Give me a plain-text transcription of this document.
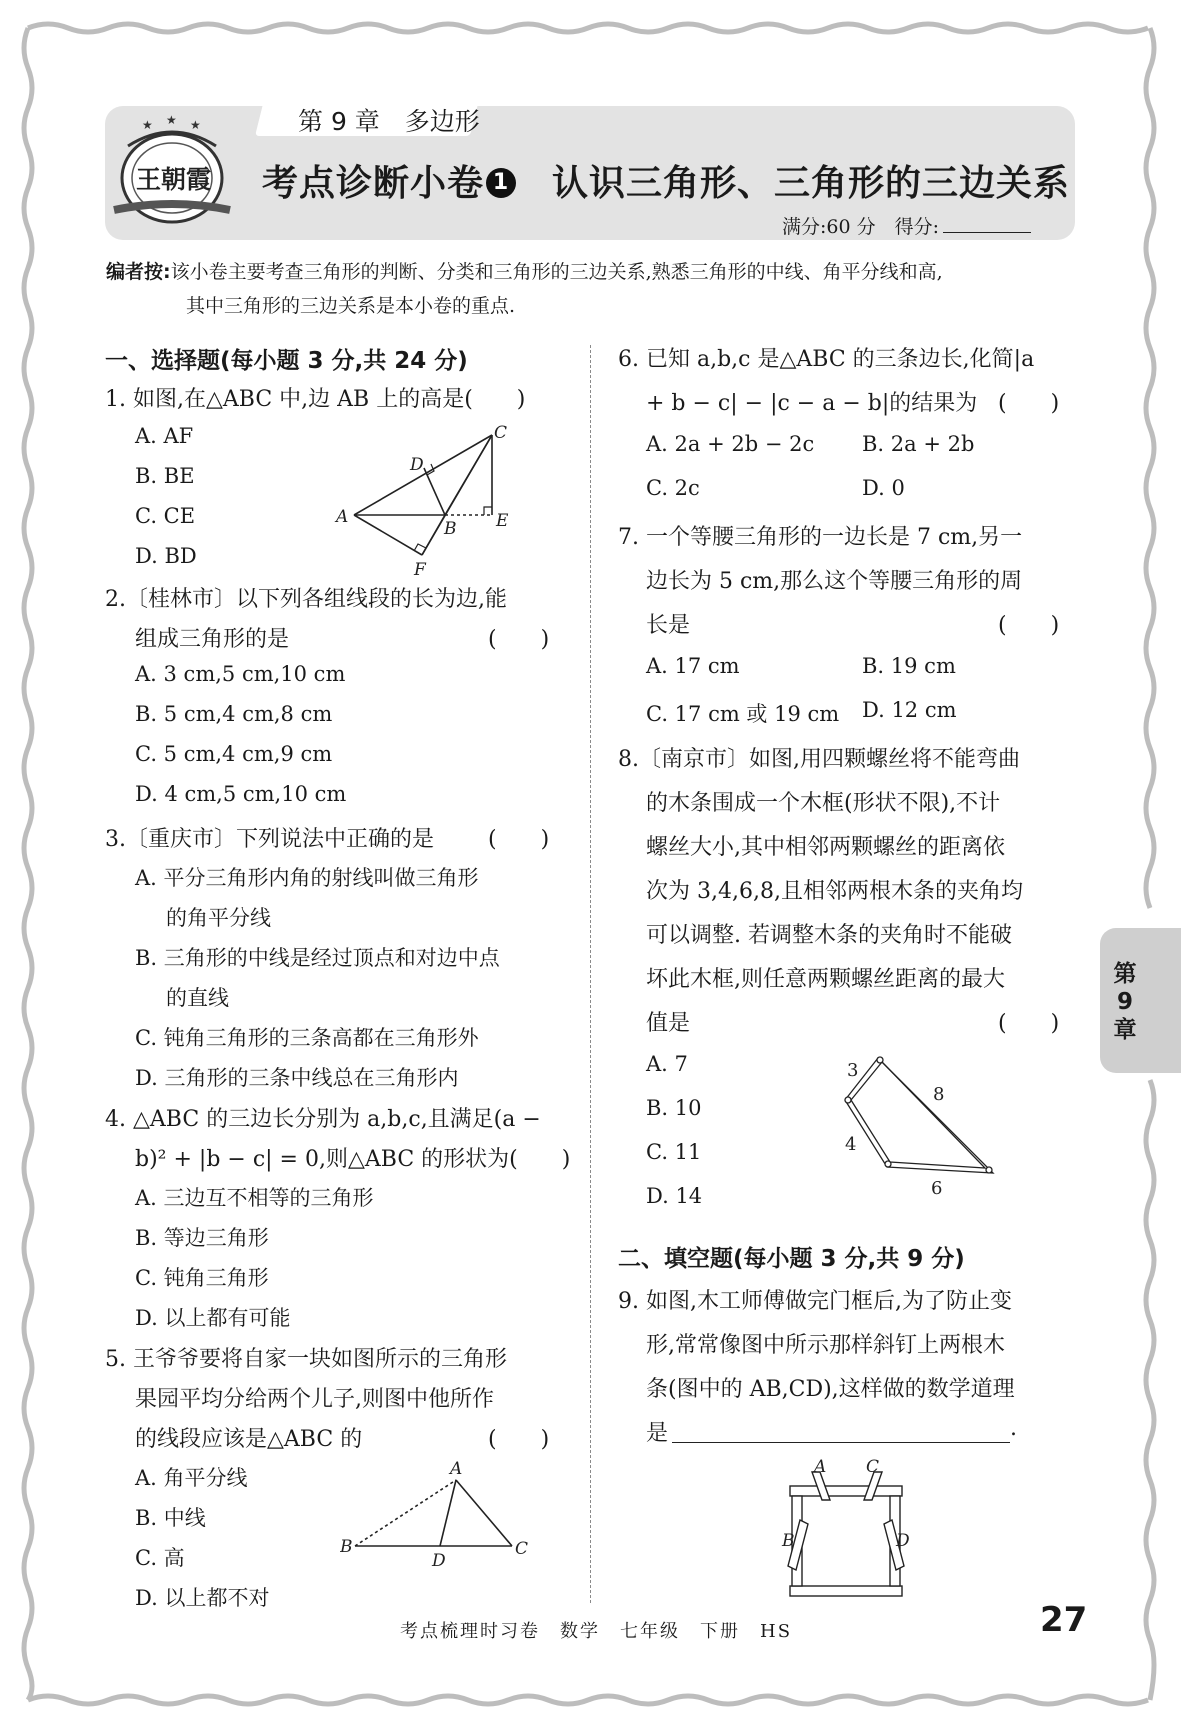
第 9 章　多边形
★ ★ ★
王朝霞 考点诊断小卷 1 认识三角形、三角形的三边关系
满分:60 分　得分:
编者按:该小卷主要考查三角形的判断、分类和三角形的三边关系,熟悉三角形的中线、角平分线和高,
其中三角形的三边关系是本小卷的重点.
一、选择题(每小题 3 分,共 24 分)
1. 如图,在△ABC 中,边 AB 上的高是(　　)
A. AF
B. BE
C. CE
D. BD
A
B
C
D
E
F
2.〔桂林市〕以下列各组线段的长为边,能
组成三角形的是	(　　)
A. 3 cm,5 cm,10 cm
B. 5 cm,4 cm,8 cm
C. 5 cm,4 cm,9 cm
D. 4 cm,5 cm,10 cm
3.〔重庆市〕下列说法中正确的是 (　　)
A. 平分三角形内角的射线叫做三角形
的角平分线
B. 三角形的中线是经过顶点和对边中点
的直线
C. 钝角三角形的三条高都在三角形外
D. 三角形的三条中线总在三角形内
4. △ABC 的三边长分别为 a,b,c,且满足(a −
b)² + |b − c| = 0,则△ABC 的形状为(　　)
A. 三边互不相等的三角形
B. 等边三角形
C. 钝角三角形
D. 以上都有可能
5. 王爷爷要将自家一块如图所示的三角形
果园平均分给两个儿子,则图中他所作
的线段应该是△ABC 的	(　　)
A. 角平分线
B. 中线
C. 高
D. 以上都不对
A
B	C
D
6. 已知 a,b,c 是△ABC 的三条边长,化简|a
+ b − c| − |c − a − b|的结果为 (　　)
A. 2a + 2b − 2c B. 2a + 2b
C. 2c	D. 0
7. 一个等腰三角形的一边长是 7 cm,另一
边长为 5 cm,那么这个等腰三角形的周
长是	(　　)
A. 17 cm	B. 19 cm
C. 17 cm 或 19 cm D. 12 cm
8.〔南京市〕如图,用四颗螺丝将不能弯曲
的木条围成一个木框(形状不限),不计
螺丝大小,其中相邻两颗螺丝的距离依
次为 3,4,6,8,且相邻两根木条的夹角均
可以调整. 若调整木条的夹角时不能破
坏此木框,则任意两颗螺丝距离的最大
值是	(　　)
A. 7
B. 10
C. 11
D. 14
3
8
4
6
二、填空题(每小题 3 分,共 9 分)
9. 如图,木工师傅做完门框后,为了防止变
形,常常像图中所示那样斜钉上两根木
条(图中的 AB,CD),这样做的数学道理
是	.
A C
B	D
第
9
章
考点梳理时习卷　数学　七年级　下册　HS	27
